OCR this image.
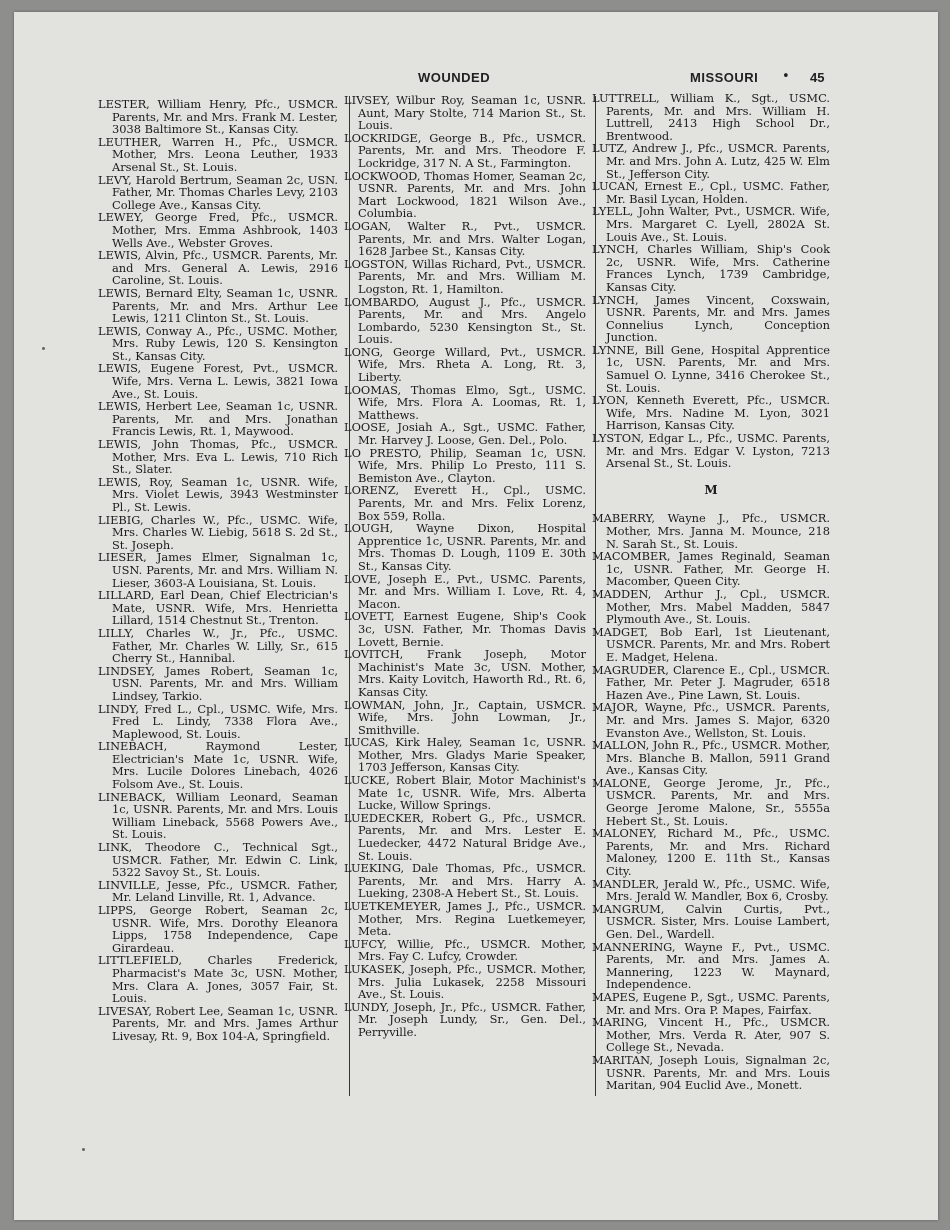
WOUNDED	MISSOURI • 45

LESTER, William Henry, Pfc., USMCR. Parents, Mr. and Mrs. Frank M. Lester, 3038 Baltimore St., Kansas City.

LEUTHER, Warren H., Pfc., USMCR. Mother, Mrs. Leona Leuther, 1933 Arsenal St., St. Louis.

LEVY, Harold Bertrum, Seaman 2c, USN. Father, Mr. Thomas Charles Levy, 2103 College Ave., Kansas City.

LEWEY, George Fred, Pfc., USMCR. Mother, Mrs. Emma Ashbrook, 1403 Wells Ave., Webster Groves.

LEWIS, Alvin, Pfc., USMCR. Parents, Mr. and Mrs. General A. Lewis, 2916 Caroline, St. Louis.

LEWIS, Bernard Elty, Seaman 1c, USNR. Parents, Mr. and Mrs. Arthur Lee Lewis, 1211 Clinton St., St. Louis.

LEWIS, Conway A., Pfc., USMC. Mother, Mrs. Ruby Lewis, 120 S. Kensington St., Kansas City.

LEWIS, Eugene Forest, Pvt., USMCR. Wife, Mrs. Verna L. Lewis, 3821 Iowa Ave., St. Louis.

LEWIS, Herbert Lee, Seaman 1c, USNR. Parents, Mr. and Mrs. Jonathan Francis Lewis, Rt. 1, Maywood.

LEWIS, John Thomas, Pfc., USMCR. Mother, Mrs. Eva L. Lewis, 710 Rich St., Slater.

LEWIS, Roy, Seaman 1c, USNR. Wife, Mrs. Violet Lewis, 3943 Westminster Pl., St. Lewis.

LIEBIG, Charles W., Pfc., USMC. Wife, Mrs. Charles W. Liebig, 5618 S. 2d St., St. Joseph.

LIESER, James Elmer, Signalman 1c, USN. Parents, Mr. and Mrs. William N. Lieser, 3603-A Louisiana, St. Louis.

LILLARD, Earl Dean, Chief Electrician's Mate, USNR. Wife, Mrs. Henrietta Lillard, 1514 Chestnut St., Trenton.

LILLY, Charles W., Jr., Pfc., USMC. Father, Mr. Charles W. Lilly, Sr., 615 Cherry St., Hannibal.

LINDSEY, James Robert, Seaman 1c, USN. Parents, Mr. and Mrs. William Lindsey, Tarkio.

LINDY, Fred L., Cpl., USMC. Wife, Mrs. Fred L. Lindy, 7338 Flora Ave., Maplewood, St. Louis.

LINEBACH, Raymond Lester, Electrician's Mate 1c, USNR. Wife, Mrs. Lucile Dolores Linebach, 4026 Folsom Ave., St. Louis.

LINEBACK, William Leonard, Seaman 1c, USNR. Parents, Mr. and Mrs. Louis William Lineback, 5568 Powers Ave., St. Louis.

LINK, Theodore C., Technical Sgt., USMCR. Father, Mr. Edwin C. Link, 5322 Savoy St., St. Louis.

LINVILLE, Jesse, Pfc., USMCR. Father, Mr. Leland Linville, Rt. 1, Advance.

LIPPS, George Robert, Seaman 2c, USNR. Wife, Mrs. Dorothy Eleanora Lipps, 1758 Independence, Cape Girardeau.

LITTLEFIELD, Charles Frederick, Pharmacist's Mate 3c, USN. Mother, Mrs. Clara A. Jones, 3057 Fair, St. Louis.

LIVESAY, Robert Lee, Seaman 1c, USNR. Parents, Mr. and Mrs. James Arthur Livesay, Rt. 9, Box 104-A, Springfield.

LIVSEY, Wilbur Roy, Seaman 1c, USNR. Aunt, Mary Stolte, 714 Marion St., St. Louis.

LOCKRIDGE, George B., Pfc., USMCR. Parents, Mr. and Mrs. Theodore F. Lockridge, 317 N. A St., Farmington.

LOCKWOOD, Thomas Homer, Seaman 2c, USNR. Parents, Mr. and Mrs. John Mart Lockwood, 1821 Wilson Ave., Columbia.

LOGAN, Walter R., Pvt., USMCR. Parents, Mr. and Mrs. Walter Logan, 1628 Jarbee St., Kansas City.

LOGSTON, Willas Richard, Pvt., USMCR. Parents, Mr. and Mrs. William M. Logston, Rt. 1, Hamilton.

LOMBARDO, August J., Pfc., USMCR. Parents, Mr. and Mrs. Angelo Lombardo, 5230 Kensington St., St. Louis.

LONG, George Willard, Pvt., USMCR. Wife, Mrs. Rheta A. Long, Rt. 3, Liberty.

LOOMAS, Thomas Elmo, Sgt., USMC. Wife, Mrs. Flora A. Loomas, Rt. 1, Matthews.

LOOSE, Josiah A., Sgt., USMC. Father, Mr. Harvey J. Loose, Gen. Del., Polo.

LO PRESTO, Philip, Seaman 1c, USN. Wife, Mrs. Philip Lo Presto, 111 S. Bemiston Ave., Clayton.

LORENZ, Everett H., Cpl., USMC. Parents, Mr. and Mrs. Felix Lorenz, Box 559, Rolla.

LOUGH, Wayne Dixon, Hospital Apprentice 1c, USNR. Parents, Mr. and Mrs. Thomas D. Lough, 1109 E. 30th St., Kansas City.

LOVE, Joseph E., Pvt., USMC. Parents, Mr. and Mrs. William I. Love, Rt. 4, Macon.

LOVETT, Earnest Eugene, Ship's Cook 3c, USN. Father, Mr. Thomas Davis Lovett, Bernie.

LOVITCH, Frank Joseph, Motor Machinist's Mate 3c, USN. Mother, Mrs. Kaity Lovitch, Haworth Rd., Rt. 6, Kansas City.

LOWMAN, John, Jr., Captain, USMCR. Wife, Mrs. John Lowman, Jr., Smithville.

LUCAS, Kirk Haley, Seaman 1c, USNR. Mother, Mrs. Gladys Marie Speaker, 1703 Jefferson, Kansas City.

LUCKE, Robert Blair, Motor Machinist's Mate 1c, USNR. Wife, Mrs. Alberta Lucke, Willow Springs.

LUEDECKER, Robert G., Pfc., USMCR. Parents, Mr. and Mrs. Lester E. Luedecker, 4472 Natural Bridge Ave., St. Louis.

LUEKING, Dale Thomas, Pfc., USMCR. Parents, Mr. and Mrs. Harry A. Lueking, 2308-A Hebert St., St. Louis.

LUETKEMEYER, James J., Pfc., USMCR. Mother, Mrs. Regina Luetkemeyer, Meta.

LUFCY, Willie, Pfc., USMCR. Mother, Mrs. Fay C. Lufcy, Crowder.

LUKASEK, Joseph, Pfc., USMCR. Mother, Mrs. Julia Lukasek, 2258 Missouri Ave., St. Louis.

LUNDY, Joseph, Jr., Pfc., USMCR. Father, Mr. Joseph Lundy, Sr., Gen. Del., Perryville.

LUTTRELL, William K., Sgt., USMC. Parents, Mr. and Mrs. William H. Luttrell, 2413 High School Dr., Brentwood.

LUTZ, Andrew J., Pfc., USMCR. Parents, Mr. and Mrs. John A. Lutz, 425 W. Elm St., Jefferson City.

LUCAN, Ernest E., Cpl., USMC. Father, Mr. Basil Lycan, Holden.

LYELL, John Walter, Pvt., USMCR. Wife, Mrs. Margaret C. Lyell, 2802A St. Louis Ave., St. Louis.

LYNCH, Charles William, Ship's Cook 2c, USNR. Wife, Mrs. Catherine Frances Lynch, 1739 Cambridge, Kansas City.

LYNCH, James Vincent, Coxswain, USNR. Parents, Mr. and Mrs. James Connelius Lynch, Conception Junction.

LYNNE, Bill Gene, Hospital Apprentice 1c, USN. Parents, Mr. and Mrs. Samuel O. Lynne, 3416 Cherokee St., St. Louis.

LYON, Kenneth Everett, Pfc., USMCR. Wife, Mrs. Nadine M. Lyon, 3021 Harrison, Kansas City.

LYSTON, Edgar L., Pfc., USMC. Parents, Mr. and Mrs. Edgar V. Lyston, 7213 Arsenal St., St. Louis.

M

MABERRY, Wayne J., Pfc., USMCR. Mother, Mrs. Janna M. Mounce, 218 N. Sarah St., St. Louis.

MACOMBER, James Reginald, Seaman 1c, USNR. Father, Mr. George H. Macomber, Queen City.

MADDEN, Arthur J., Cpl., USMCR. Mother, Mrs. Mabel Madden, 5847 Plymouth Ave., St. Louis.

MADGET, Bob Earl, 1st Lieutenant, USMCR. Parents, Mr. and Mrs. Robert E. Madget, Helena.

MAGRUDER, Clarence E., Cpl., USMCR. Father, Mr. Peter J. Magruder, 6518 Hazen Ave., Pine Lawn, St. Louis.

MAJOR, Wayne, Pfc., USMCR. Parents, Mr. and Mrs. James S. Major, 6320 Evanston Ave., Wellston, St. Louis.

MALLON, John R., Pfc., USMCR. Mother, Mrs. Blanche B. Mallon, 5911 Grand Ave., Kansas City.

MALONE, George Jerome, Jr., Pfc., USMCR. Parents, Mr. and Mrs. George Jerome Malone, Sr., 5555a Hebert St., St. Louis.

MALONEY, Richard M., Pfc., USMC. Parents, Mr. and Mrs. Richard Maloney, 1200 E. 11th St., Kansas City.

MANDLER, Jerald W., Pfc., USMC. Wife, Mrs. Jerald W. Mandler, Box 6, Crosby.

MANGRUM, Calvin Curtis, Pvt., USMCR. Sister, Mrs. Louise Lambert, Gen. Del., Wardell.

MANNERING, Wayne F., Pvt., USMC. Parents, Mr. and Mrs. James A. Mannering, 1223 W. Maynard, Independence.

MAPES, Eugene P., Sgt., USMC. Parents, Mr. and Mrs. Ora P. Mapes, Fairfax.

MARING, Vincent H., Pfc., USMCR. Mother, Mrs. Verda R. Ater, 907 S. College St., Nevada.

MARITAN, Joseph Louis, Signalman 2c, USNR. Parents, Mr. and Mrs. Louis Maritan, 904 Euclid Ave., Monett.
